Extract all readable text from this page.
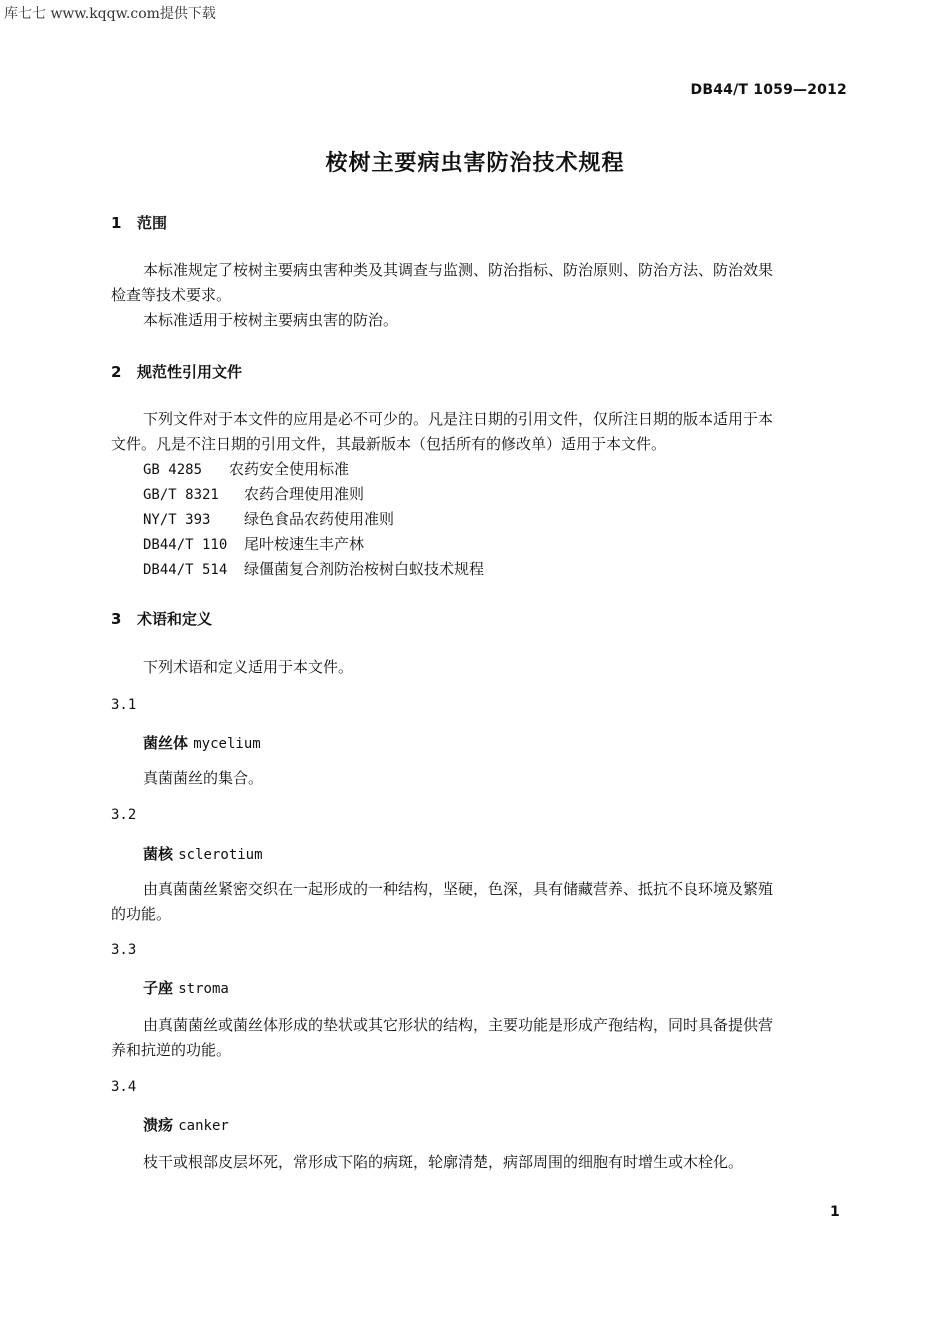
库七七 www.kqqw.com提供下载
DB44/T 1059—2012
桉树主要病虫害防治技术规程
1 范围
本标准规定了桉树主要病虫害种类及其调查与监测、防治指标、防治原则、防治方法、防治效果
检查等技术要求。
本标准适用于桉树主要病虫害的防治。
2 规范性引用文件
下列文件对于本文件的应用是必不可少的。凡是注日期的引用文件，仅所注日期的版本适用于本
文件。凡是不注日期的引用文件，其最新版本（包括所有的修改单）适用于本文件。
GB 4285 农药安全使用标准
GB/T 8321 农药合理使用准则
NY/T 393 绿色食品农药使用准则
DB44/T 110 尾叶桉速生丰产林
DB44/T 514 绿僵菌复合剂防治桉树白蚁技术规程
3 术语和定义
下列术语和定义适用于本文件。
3.1
菌丝体 mycelium
真菌菌丝的集合。
3.2
菌核 sclerotium
由真菌菌丝紧密交织在一起形成的一种结构，坚硬，色深，具有储藏营养、抵抗不良环境及繁殖
的功能。
3.3
子座 stroma
由真菌菌丝或菌丝体形成的垫状或其它形状的结构，主要功能是形成产孢结构，同时具备提供营
养和抗逆的功能。
3.4
溃疡 canker
枝干或根部皮层坏死，常形成下陷的病斑，轮廓清楚，病部周围的细胞有时增生或木栓化。
1
